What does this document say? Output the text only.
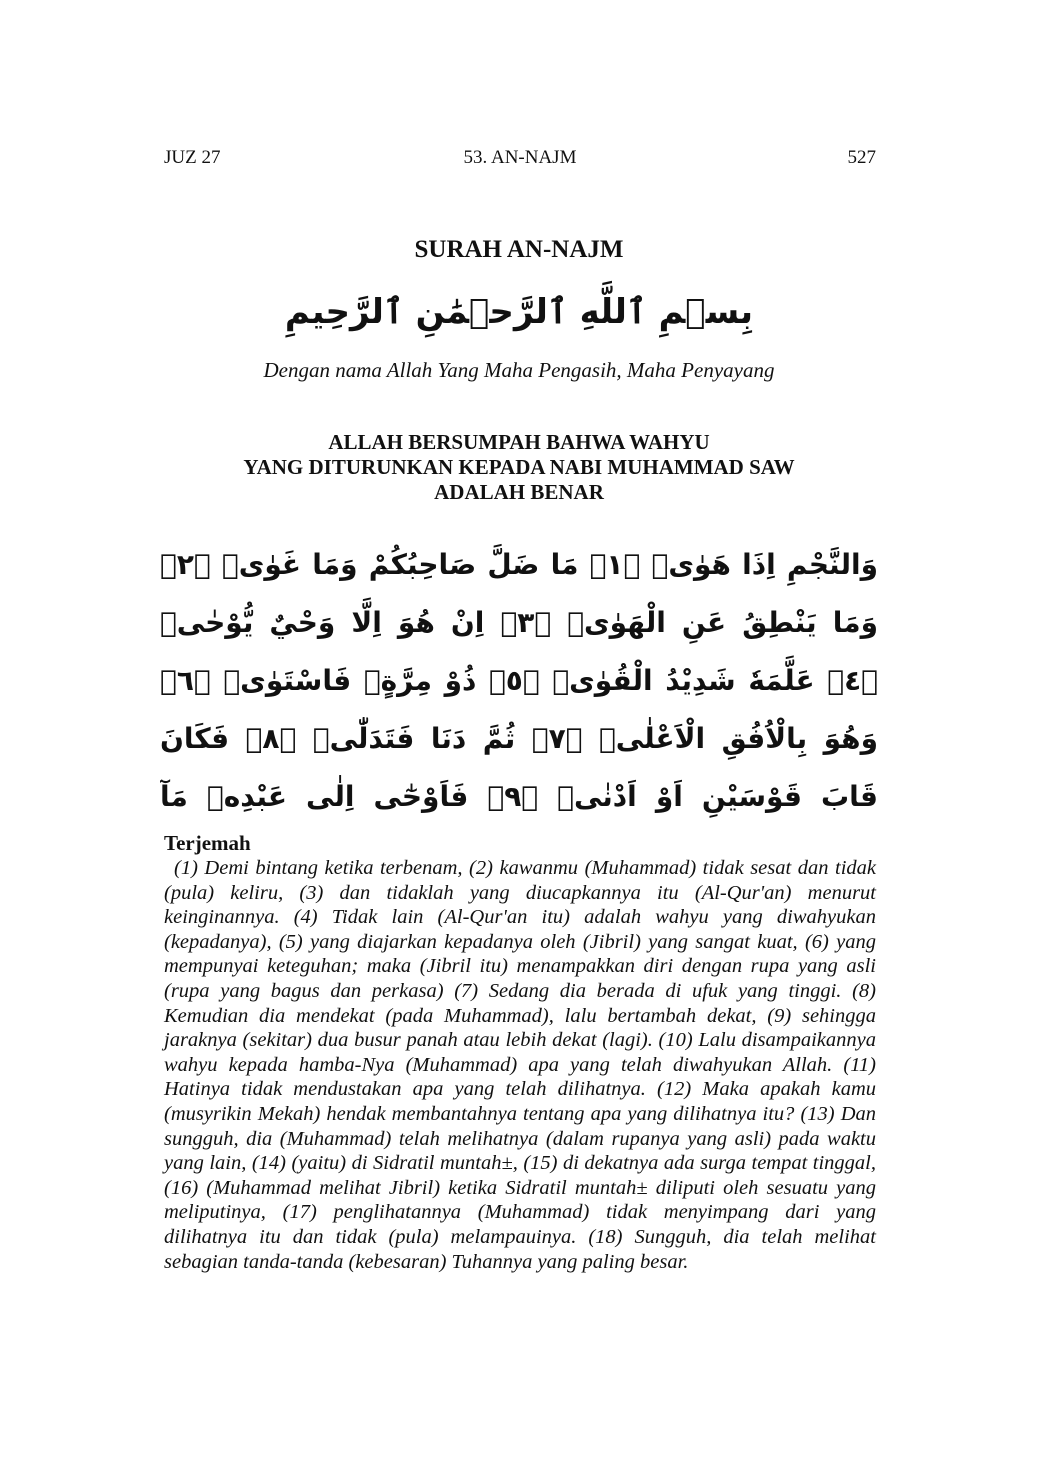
JUZ 27	53. AN-NAJM	527
SURAH AN-NAJM
بِسۡمِ ٱللَّهِ ٱلرَّحۡمَٰنِ ٱلرَّحِيمِ
Dengan nama Allah Yang Maha Pengasih, Maha Penyayang
ALLAH BERSUMPAH BAHWA WAHYU
YANG DITURUNKAN KEPADA NABI MUHAMMAD SAW
ADALAH BENAR
وَالنَّجْمِ اِذَا هَوٰىۙ ﴿١﴾ مَا ضَلَّ صَاحِبُكُمْ وَمَا غَوٰىۚ ﴿٢﴾ وَمَا يَنْطِقُ عَنِ الْهَوٰىۗ ﴿٣﴾ اِنْ هُوَ اِلَّا وَحْيٌ يُّوْحٰىۙ ﴿٤﴾ عَلَّمَهٗ شَدِيْدُ الْقُوٰىۙ ﴿٥﴾ ذُوْ مِرَّةٍۗ فَاسْتَوٰىۙ ﴿٦﴾ وَهُوَ بِالْاُفُقِ الْاَعْلٰىۗ ﴿٧﴾ ثُمَّ دَنَا فَتَدَلّٰىۙ ﴿٨﴾ فَكَانَ قَابَ قَوْسَيْنِ اَوْ اَدْنٰىۚ ﴿٩﴾ فَاَوْحٰٓى اِلٰى عَبْدِهٖ مَآ
Terjemah

(1) Demi bintang ketika terbenam, (2) kawanmu (Muhammad) tidak sesat dan tidak (pula) keliru, (3) dan tidaklah yang diucapkannya itu (Al-Qur'an) menurut keinginannya. (4) Tidak lain (Al-Qur'an itu) adalah wahyu yang diwahyukan (kepadanya), (5) yang diajarkan kepadanya oleh (Jibril) yang sangat kuat, (6) yang mempunyai keteguhan; maka (Jibril itu) menampakkan diri dengan rupa yang asli (rupa yang bagus dan perkasa) (7) Sedang dia berada di ufuk yang tinggi. (8) Kemudian dia mendekat (pada Muhammad), lalu bertambah dekat, (9) sehingga jaraknya (sekitar) dua busur panah atau lebih dekat (lagi). (10) Lalu disampaikannya wahyu kepada hamba-Nya (Muhammad) apa yang telah diwahyukan Allah. (11) Hatinya tidak mendustakan apa yang telah dilihatnya. (12) Maka apakah kamu (musyrikin Mekah) hendak membantahnya tentang apa yang dilihatnya itu? (13) Dan sungguh, dia (Muhammad) telah melihatnya (dalam rupanya yang asli) pada waktu yang lain, (14) (yaitu) di Sidratil muntah±, (15) di dekatnya ada surga tempat tinggal, (16) (Muhammad melihat Jibril) ketika Sidratil muntah± diliputi oleh sesuatu yang meliputinya, (17) penglihatannya (Muhammad) tidak menyimpang dari yang dilihatnya itu dan tidak (pula) melampauinya. (18) Sungguh, dia telah melihat sebagian tanda-tanda (kebesaran) Tuhannya yang paling besar.
